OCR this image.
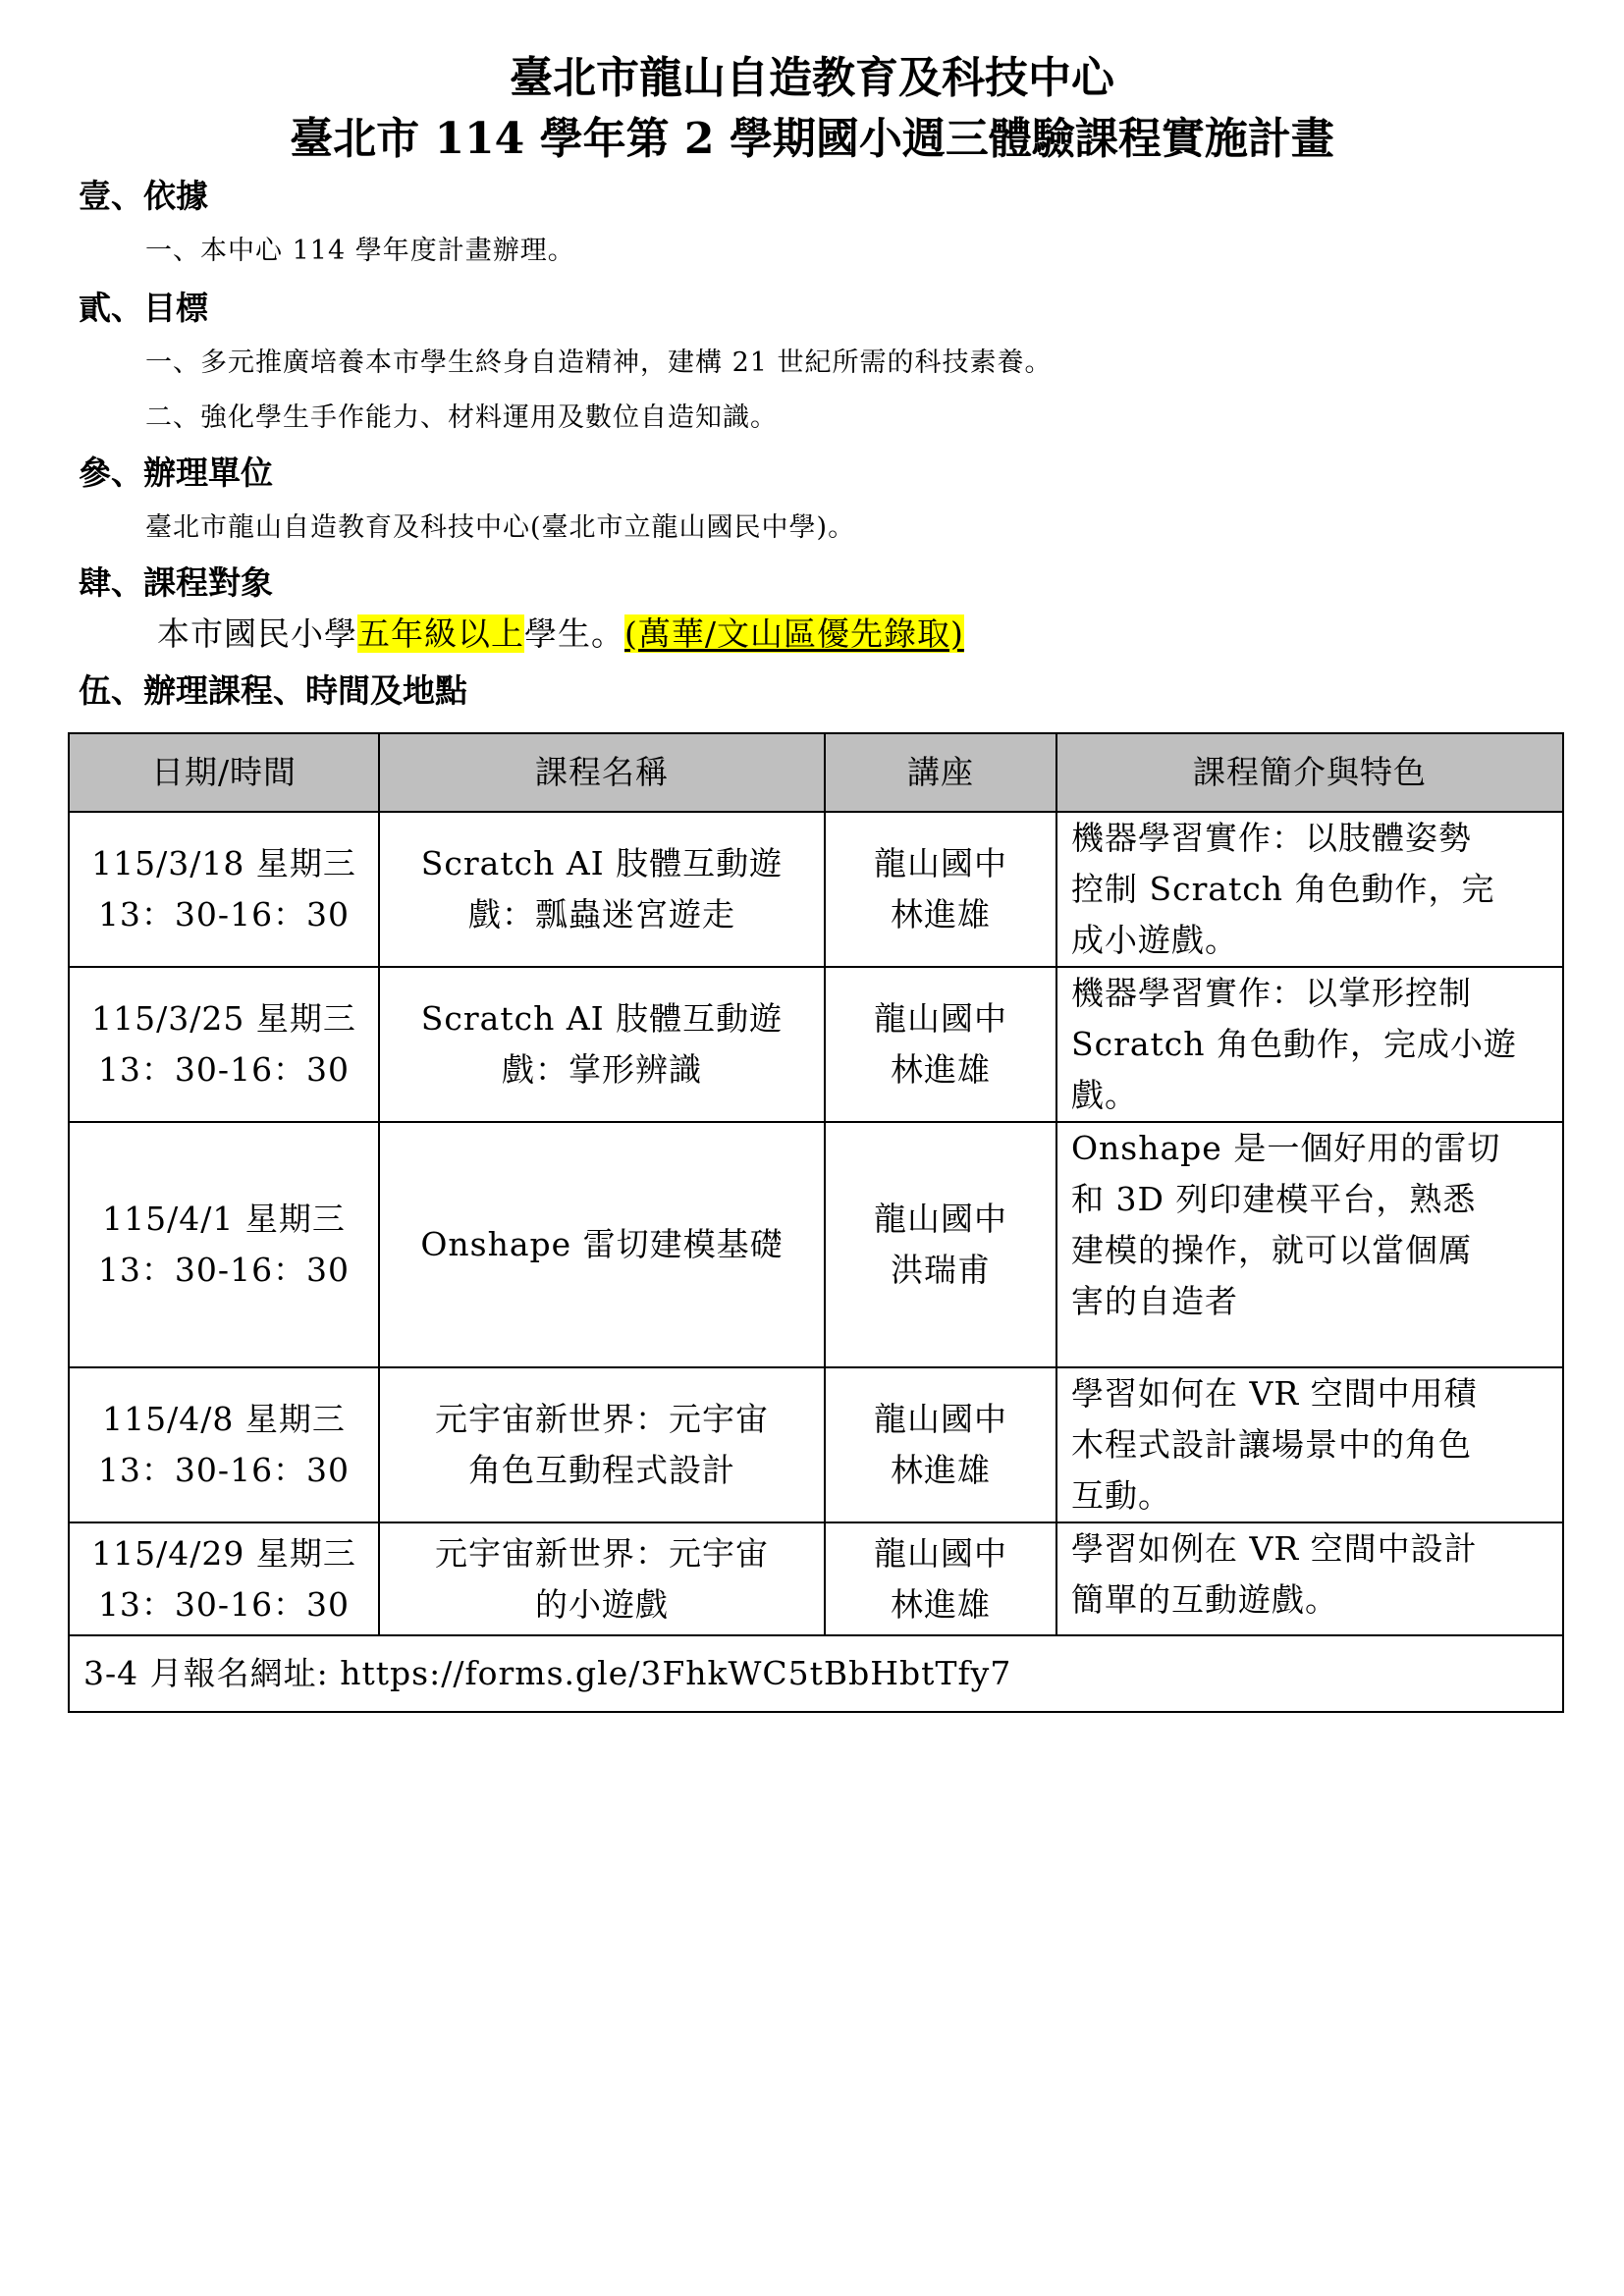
臺北市龍山自造教育及科技中心
臺北市 114 學年第 2 學期國小週三體驗課程實施計畫
壹、依據
一、本中心 114 學年度計畫辦理。
貳、目標
一、多元推廣培養本市學生終身自造精神，建構 21 世紀所需的科技素養。
二、強化學生手作能力、材料運用及數位自造知識。
參、辦理單位
臺北市龍山自造教育及科技中心(臺北市立龍山國民中學)。
肆、課程對象
本市國民小學五年級以上學生。(萬華/文山區優先錄取)
伍、辦理課程、時間及地點
日期/時間	課程名稱	講座	課程簡介與特色

115/3/18 星期三
13：30-16：30	Scratch AI 肢體互動遊
戲：瓢蟲迷宮遊走	龍山國中
林進雄	機器學習實作：以肢體姿勢
控制 Scratch 角色動作，完
成小遊戲。

115/3/25 星期三
13：30-16：30	Scratch AI 肢體互動遊
戲：掌形辨識	龍山國中
林進雄	機器學習實作：以掌形控制
Scratch 角色動作，完成小遊
戲。

115/4/1 星期三
13：30-16：30	Onshape 雷切建模基礎	龍山國中
洪瑞甫	Onshape 是一個好用的雷切
和 3D 列印建模平台，熟悉
建模的操作，就可以當個厲
害的自造者

115/4/8 星期三
13：30-16：30	元宇宙新世界：元宇宙
角色互動程式設計	龍山國中
林進雄	學習如何在 VR 空間中用積
木程式設計讓場景中的角色
互動。

115/4/29 星期三
13：30-16：30	元宇宙新世界：元宇宙
的小遊戲	龍山國中
林進雄	學習如例在 VR 空間中設計
簡單的互動遊戲。

3-4 月報名網址: https://forms.gle/3FhkWC5tBbHbtTfy7			
